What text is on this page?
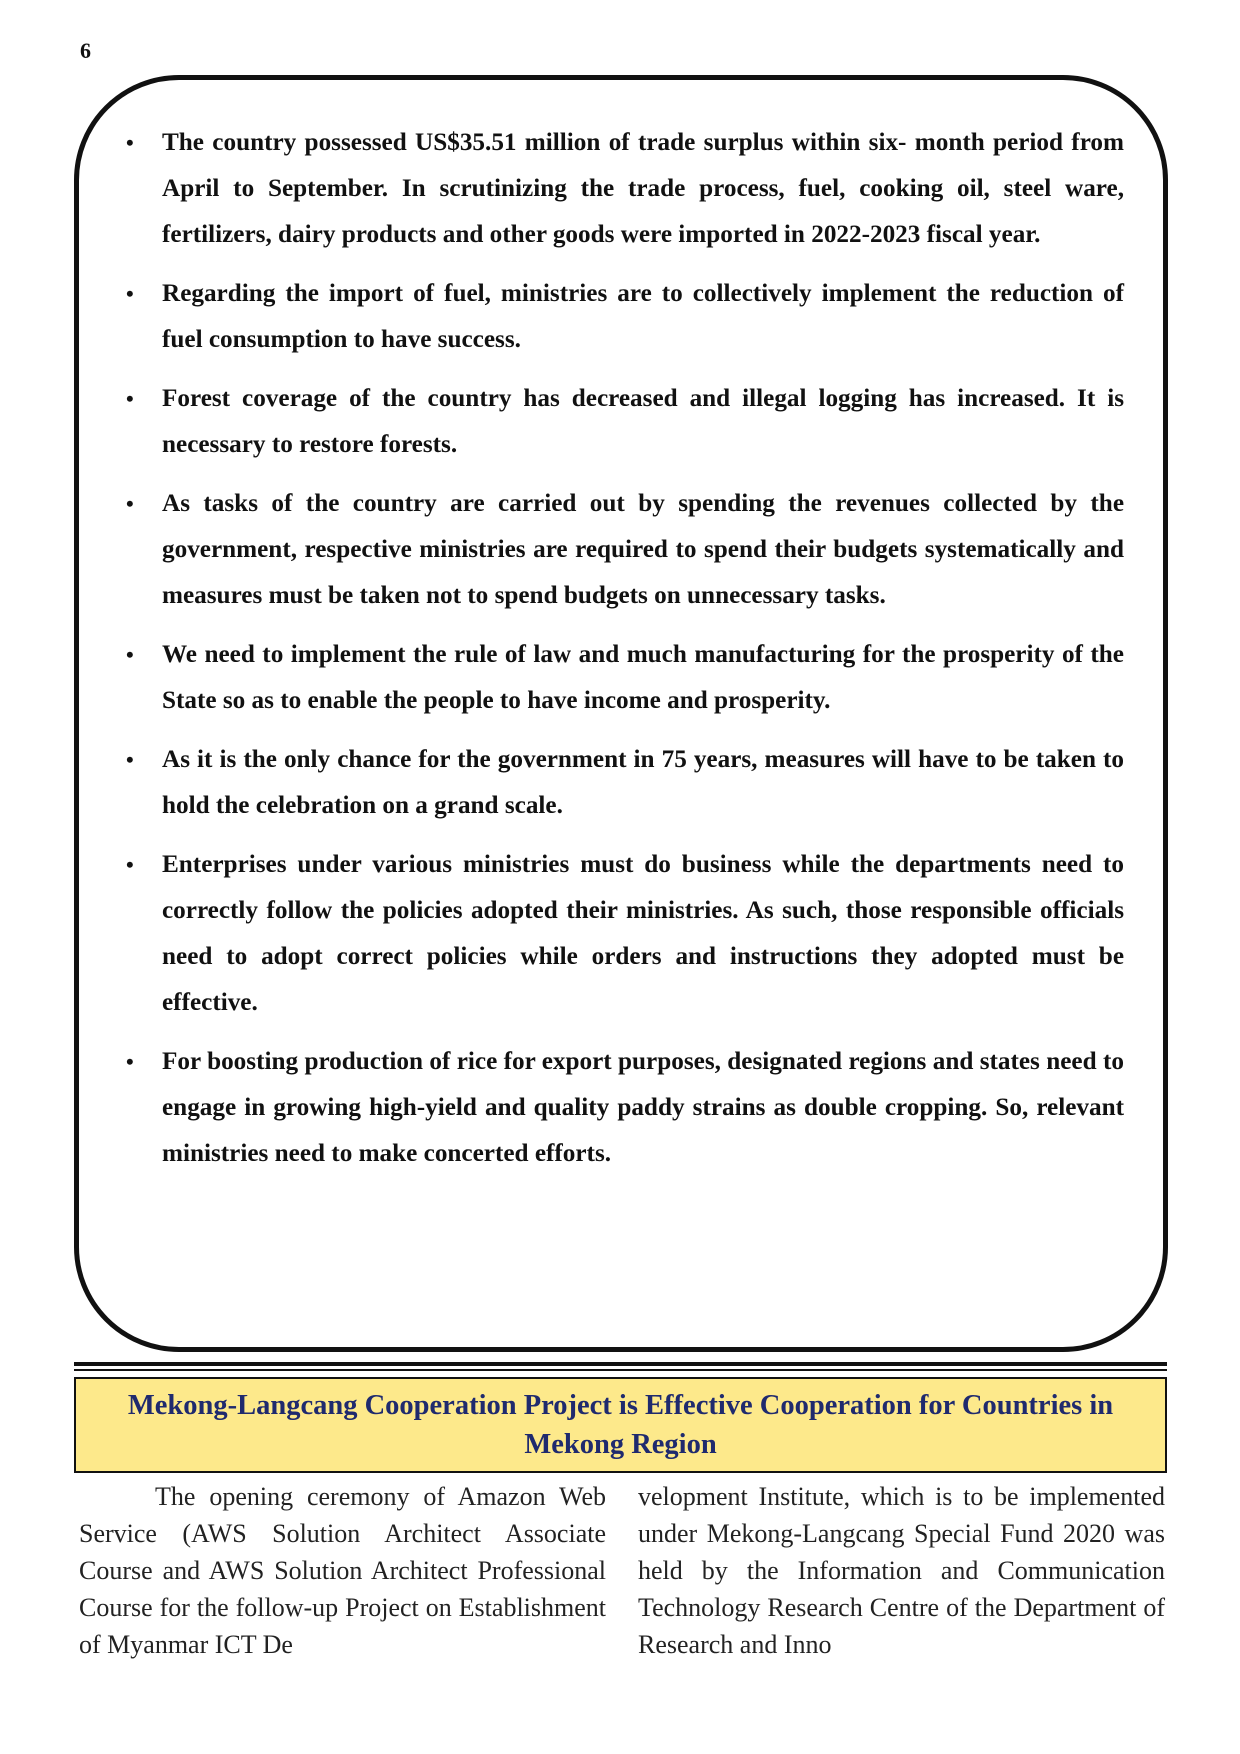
6
• The country possessed US$35.51 million of trade surplus within six- month period from April to September. In scrutinizing the trade process, fuel, cooking oil, steel ware, fertilizers, dairy products and other goods were imported in 2022-2023 fiscal year.
• Regarding the import of fuel, ministries are to collectively implement the reduction of fuel consumption to have success.
• Forest coverage of the country has decreased and illegal logging has increased. It is necessary to restore forests.
• As tasks of the country are carried out by spending the revenues collected by the government, respective ministries are required to spend their budgets systematically and measures must be taken not to spend budgets on unnecessary tasks.
• We need to implement the rule of law and much manufacturing for the prosperity of the State so as to enable the people to have income and prosperity.
• As it is the only chance for the government in 75 years, measures will have to be taken to hold the celebration on a grand scale.
• Enterprises under various ministries must do business while the departments need to correctly follow the policies adopted their ministries. As such, those responsible officials need to adopt correct policies while orders and instructions they adopted must be effective.
• For boosting production of rice for export purposes, designated regions and states need to engage in growing high-yield and quality paddy strains as double cropping. So, relevant ministries need to make concerted efforts.
Mekong-Langcang Cooperation Project is Effective Cooperation for Countries in Mekong Region

The opening ceremony of Amazon Web Service (AWS Solution Architect Associate Course and AWS Solution Architect Professional Course for the follow-up Project on Establishment of Myanmar ICT De

velopment Institute, which is to be implemented under Mekong-Langcang Special Fund 2020 was held by the Information and Communication Technology Research Centre of the Department of Research and Inno
